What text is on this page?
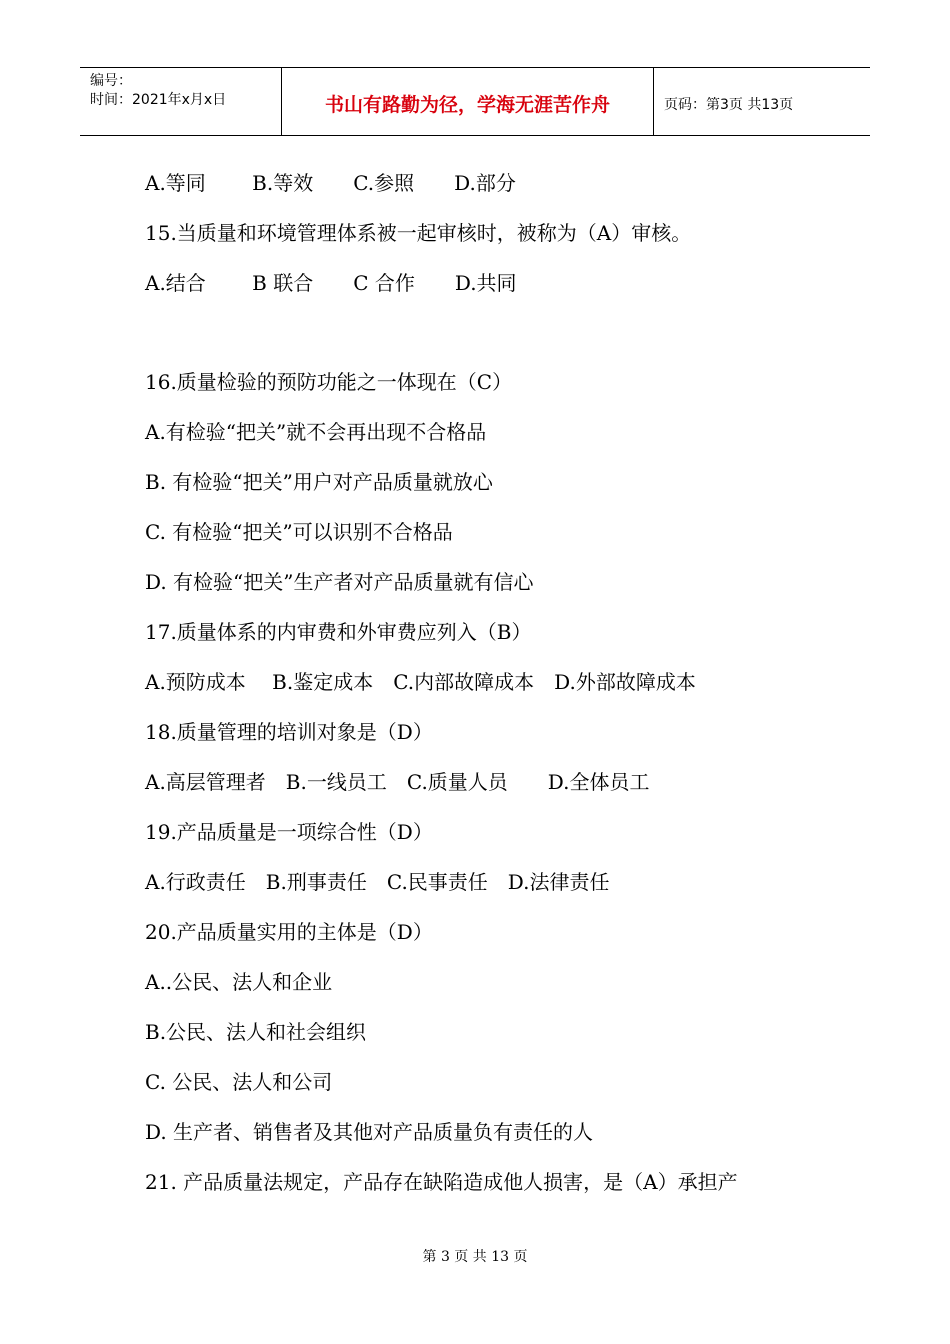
编号：
时间：2021年x月x日	书山有路勤为径，学海无涯苦作舟	页码：第3页 共13页
A.等同　　 B.等效　　C.参照　　D.部分
15.当质量和环境管理体系被一起审核时，被称为（A）审核。
A.结合　　 B 联合　　C 合作　　D.共同
16.质量检验的预防功能之一体现在（C）
A.有检验“把关”就不会再出现不合格品
B. 有检验“把关”用户对产品质量就放心
C. 有检验“把关”可以识别不合格品
D. 有检验“把关”生产者对产品质量就有信心
17.质量体系的内审费和外审费应列入（B）
A.预防成本　 B.鉴定成本　C.内部故障成本　D.外部故障成本
18.质量管理的培训对象是（D）
A.高层管理者　B.一线员工　C.质量人员　　D.全体员工
19.产品质量是一项综合性（D）
A.行政责任　B.刑事责任　C.民事责任　D.法律责任
20.产品质量实用的主体是（D）
A..公民、法人和企业
B.公民、法人和社会组织
C. 公民、法人和公司
D. 生产者、销售者及其他对产品质量负有责任的人
21. 产品质量法规定，产品存在缺陷造成他人损害，是（A）承担产
第 3 页 共 13 页
